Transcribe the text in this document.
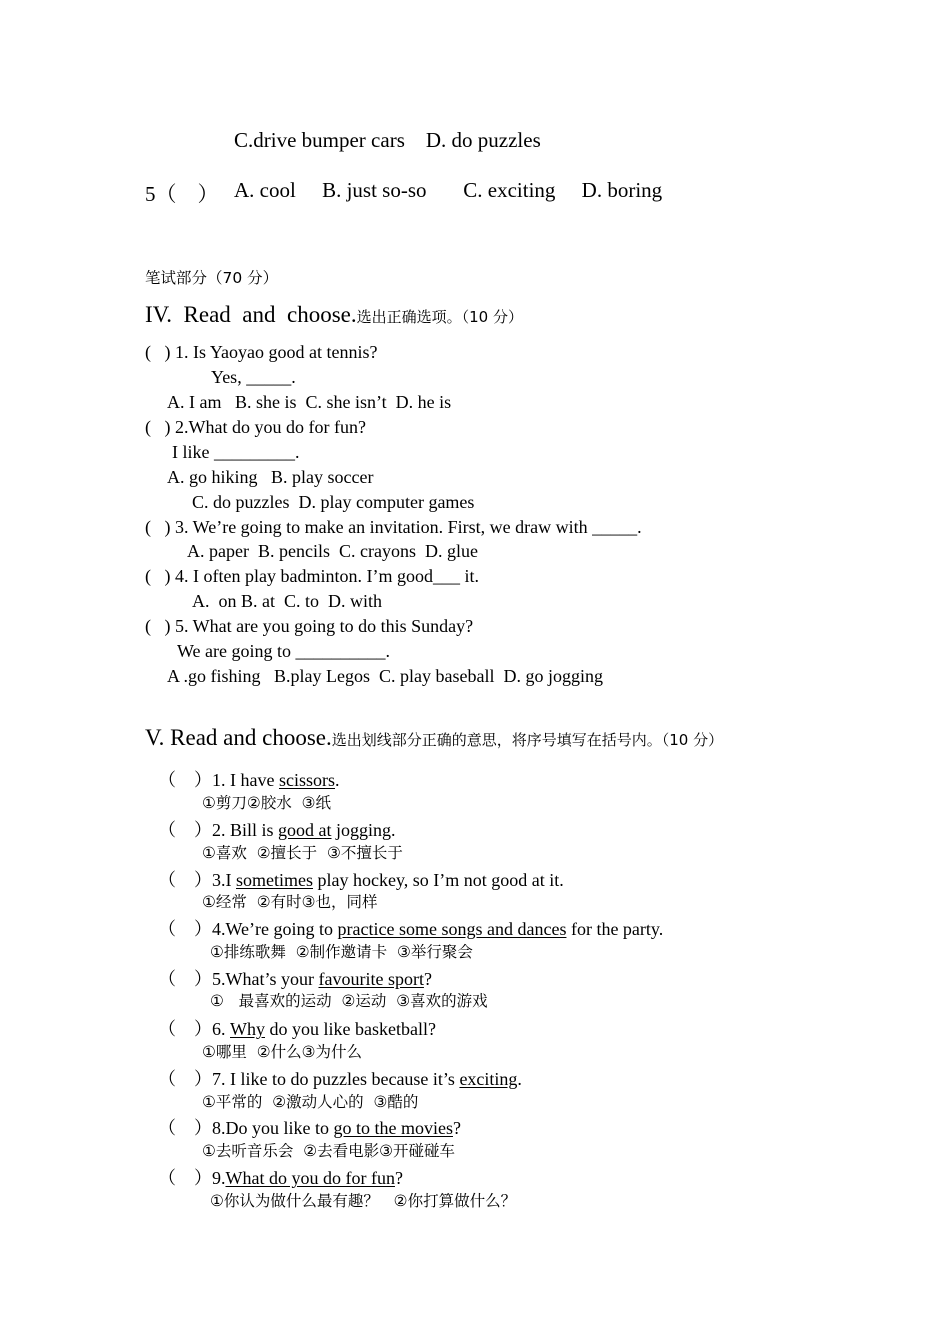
C.drive bumper cars    D. do puzzles
5（    ） A. cool     B. just so-so       C. exciting     D. boring
笔试部分（70 分）
IV.  Read  and  choose.选出正确选项。（10 分）
(   ) 1. Is Yaoyao good at tennis?
Yes, _____.
A. I am   B. she is  C. she isn’t  D. he is
(   ) 2.What do you do for fun?
I like _________.
A. go hiking   B. play soccer
C. do puzzles  D. play computer games
(   ) 3. We’re going to make an invitation. First, we draw with _____.
A. paper  B. pencils  C. crayons  D. glue
(   ) 4. I often play badminton. I’m good___ it.
A.  on B. at  C. to  D. with
(   ) 5. What are you going to do this Sunday?
We are going to __________.
A .go fishing   B.play Legos  C. play baseball  D. go jogging
V. Read and choose.选出划线部分正确的意思，将序号填写在括号内。（10 分）
（    ）1. I have scissors.
①剪刀②胶水  ③纸
（    ）2. Bill is good at jogging.
①喜欢  ②擅长于  ③不擅长于
（    ）3.I sometimes play hockey, so I’m not good at it.
①经常  ②有时③也，同样
（    ）4.We’re going to practice some songs and dances for the party.
①排练歌舞  ②制作邀请卡  ③举行聚会
（    ）5.What’s your favourite sport?
①   最喜欢的运动  ②运动  ③喜欢的游戏
（    ）6. Why do you like basketball?
①哪里  ②什么③为什么
（    ）7. I like to do puzzles because it’s exciting.
①平常的  ②激动人心的  ③酷的
（    ）8.Do you like to go to the movies?
①去听音乐会  ②去看电影③开碰碰车
（    ）9.What do you do for fun?
①你认为做什么最有趣？   ②你打算做什么？
